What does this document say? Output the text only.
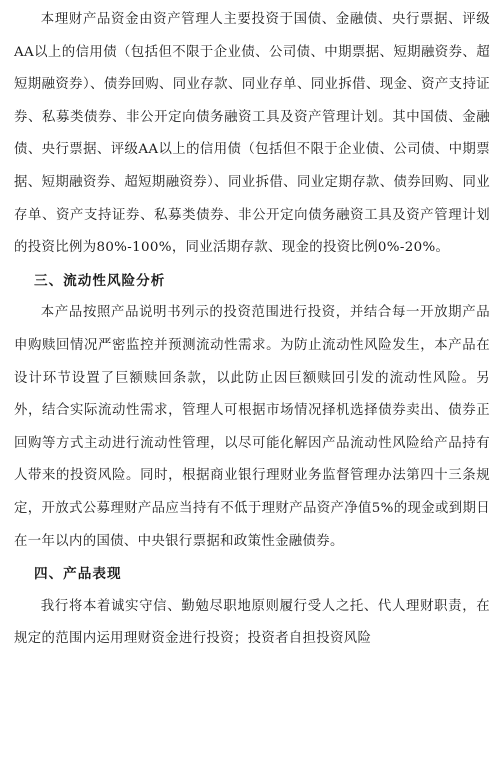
本理财产品资金由资产管理人主要投资于国债、金融债、央行票据、评级AA以上的信用债（包括但不限于企业债、公司债、中期票据、短期融资券、超短期融资券）、债券回购、同业存款、同业存单、同业拆借、现金、资产支持证券、私募类债券、非公开定向债务融资工具及资产管理计划。其中国债、金融债、央行票据、评级AA以上的信用债（包括但不限于企业债、公司债、中期票据、短期融资券、超短期融资券）、同业拆借、同业定期存款、债券回购、同业存单、资产支持证券、私募类债券、非公开定向债务融资工具及资产管理计划的投资比例为80%-100%，同业活期存款、现金的投资比例0%-20%。

三、流动性风险分析

本产品按照产品说明书列示的投资范围进行投资，并结合每一开放期产品申购赎回情况严密监控并预测流动性需求。为防止流动性风险发生，本产品在设计环节设置了巨额赎回条款，以此防止因巨额赎回引发的流动性风险。另外，结合实际流动性需求，管理人可根据市场情况择机选择债券卖出、债券正回购等方式主动进行流动性管理，以尽可能化解因产品流动性风险给产品持有人带来的投资风险。同时，根据商业银行理财业务监督管理办法第四十三条规定，开放式公募理财产品应当持有不低于理财产品资产净值5%的现金或到期日在一年以内的国债、中央银行票据和政策性金融债券。

四、产品表现

我行将本着诚实守信、勤勉尽职地原则履行受人之托、代人理财职责，在规定的范围内运用理财资金进行投资；投资者自担投资风险
